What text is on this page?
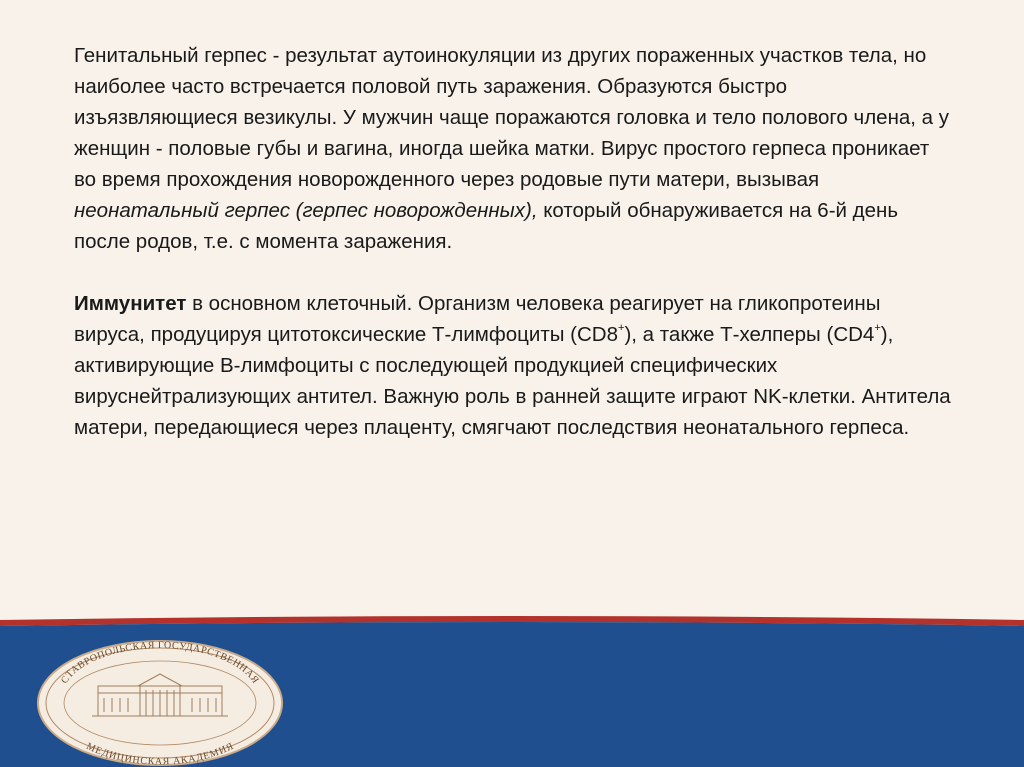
Генитальный герпес - результат аутоинокуляции из других пораженных участков тела, но наиболее часто встречается половой путь заражения. Образуются быстро изъязвляющиеся везикулы. У мужчин чаще поражаются головка и тело полового члена, а у женщин - половые губы и вагина, иногда шейка матки. Вирус простого герпеса проникает во время прохождения новорожденного через родовые пути матери, вызывая неонатальный герпес (герпес новорожденных), который обнаруживается на 6-й день после родов, т.е. с момента заражения.

Иммунитет в основном клеточный. Организм человека реагирует на гликопротеины вируса, продуцируя цитотоксические Т-лимфоциты (CD8+), а также Т-хелперы (CD4+), активирующие В-лимфоциты с последующей продукцией специфических вируснейтрализующих антител. Важную роль в ранней защите играют NK-клетки. Антитела матери, передающиеся через плаценту, смягчают последствия неонатального герпеса.

СТАВРОПОЛЬСКАЯ ГОСУДАРСТВЕННАЯ
МЕДИЦИНСКАЯ АКАДЕМИЯ
